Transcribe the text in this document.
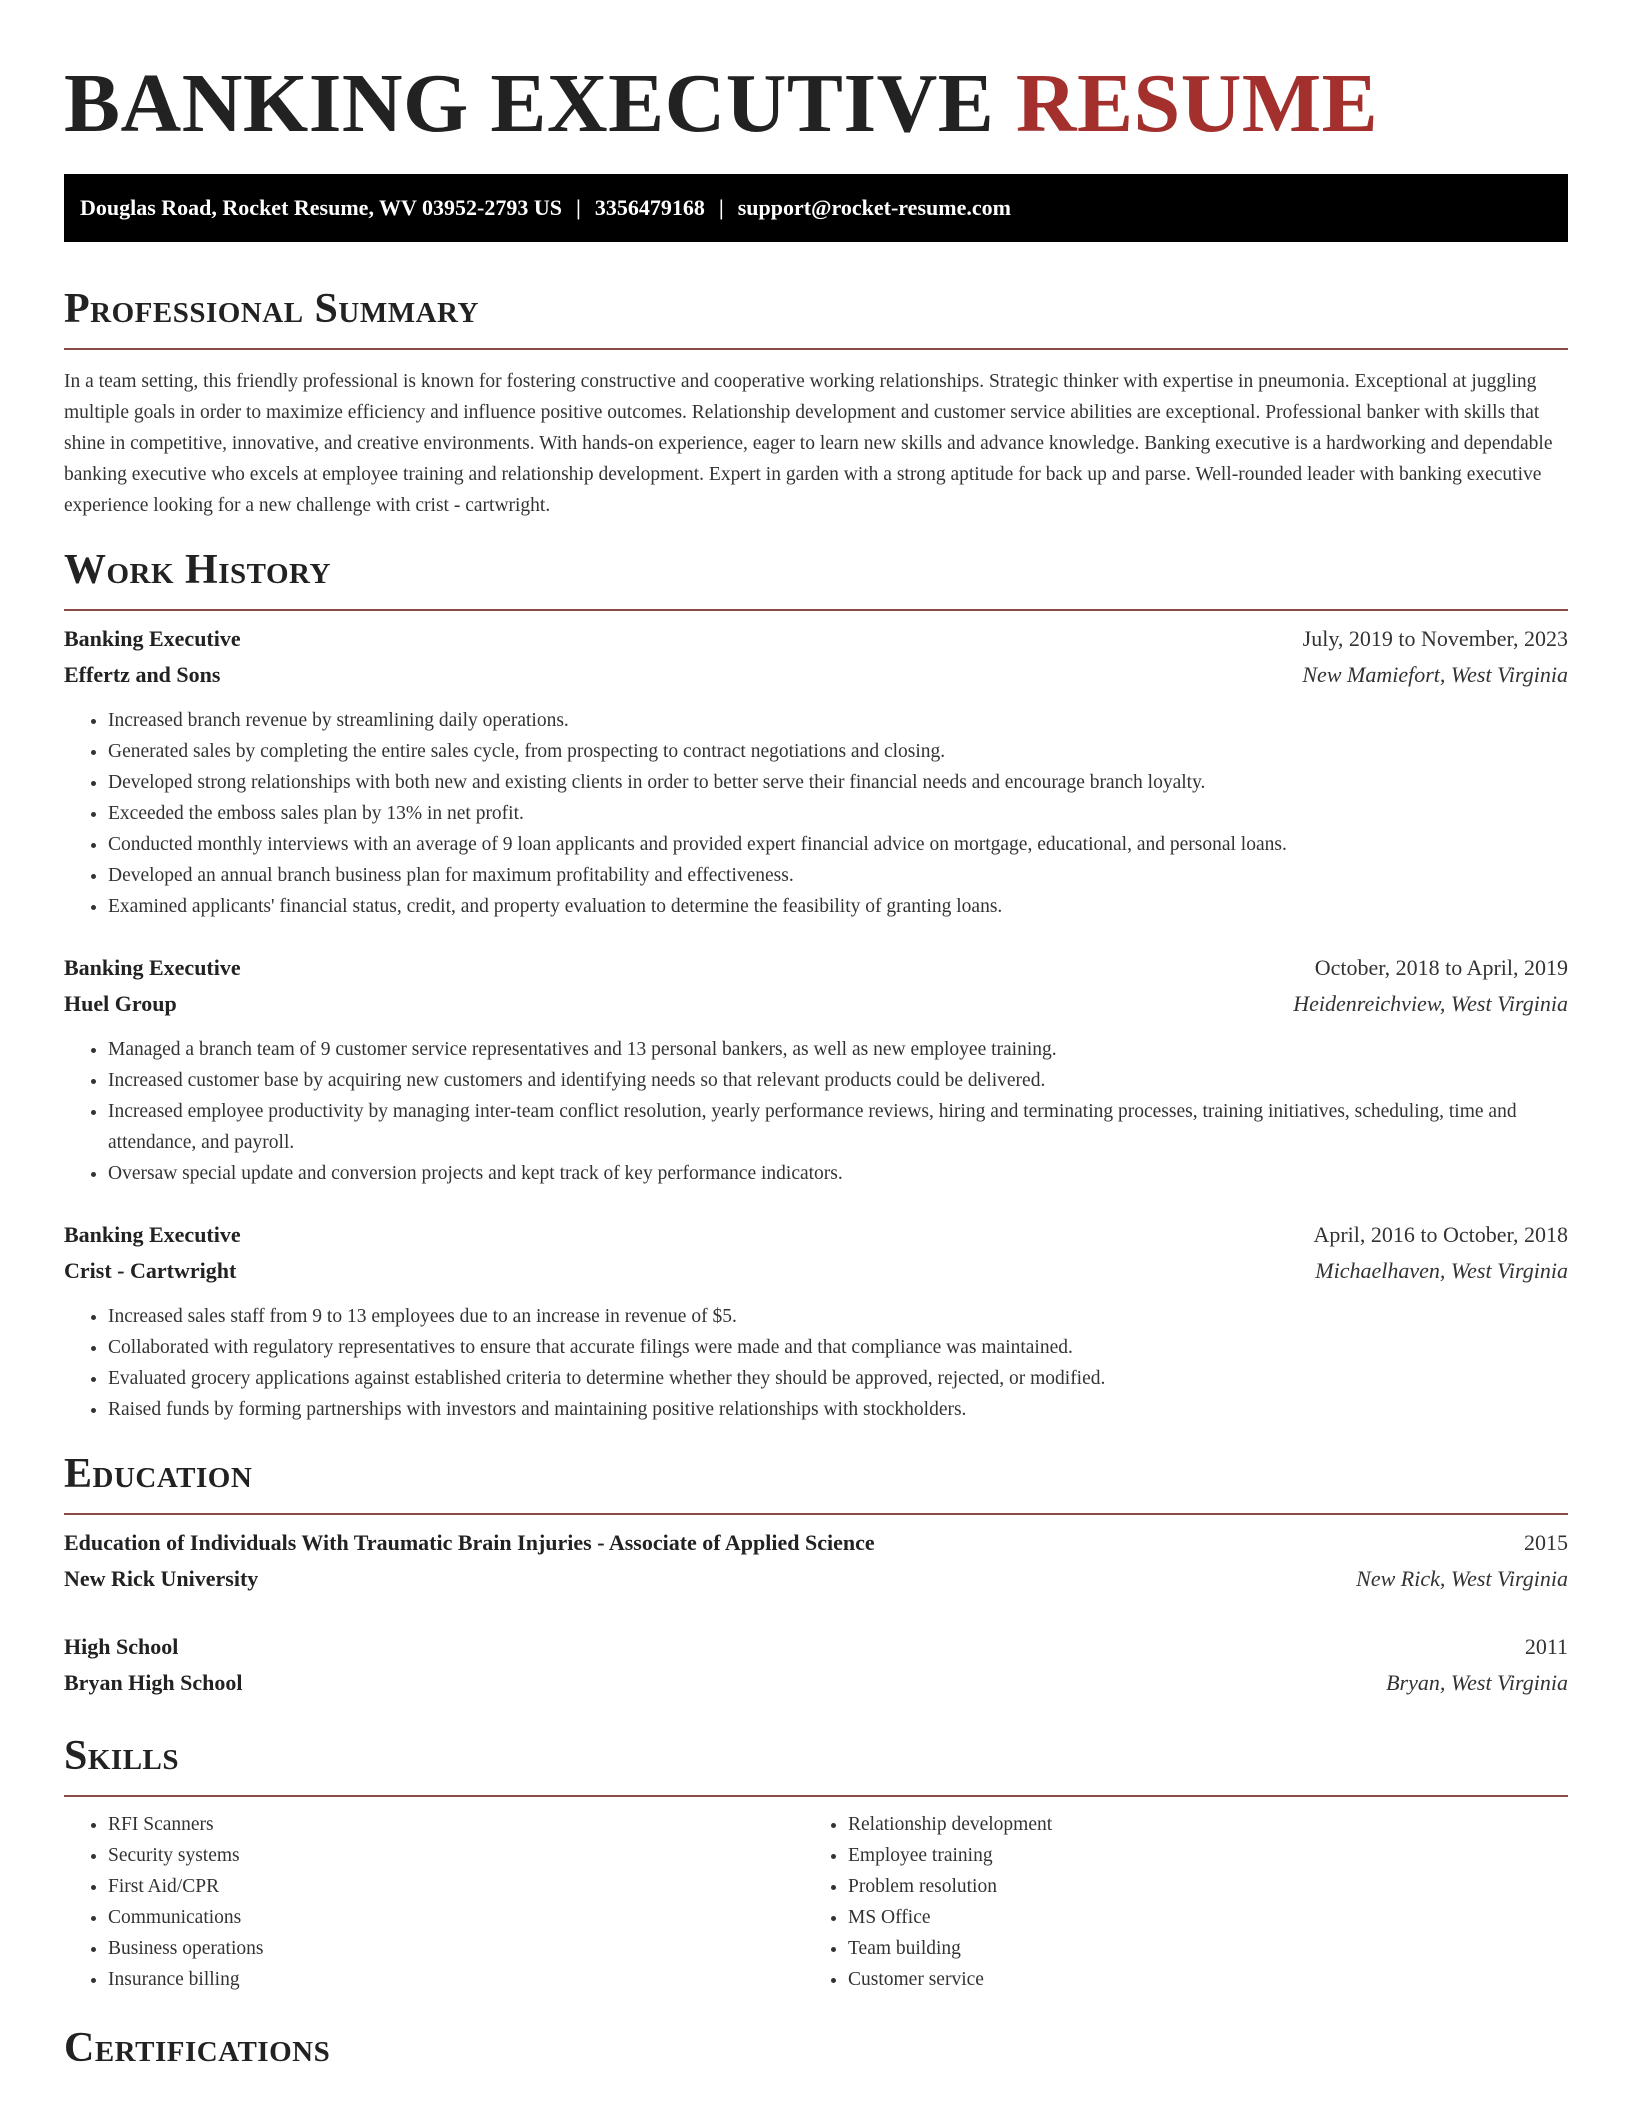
BANKING EXECUTIVE RESUME
Douglas Road, Rocket Resume, WV 03952-2793 US | 3356479168 | support@rocket-resume.com
Professional Summary

In a team setting, this friendly professional is known for fostering constructive and cooperative working relationships. Strategic thinker with expertise in pneumonia. Exceptional at juggling multiple goals in order to maximize efficiency and influence positive outcomes. Relationship development and customer service abilities are exceptional. Professional banker with skills that shine in competitive, innovative, and creative environments. With hands-on experience, eager to learn new skills and advance knowledge. Banking executive is a hardworking and dependable banking executive who excels at employee training and relationship development. Expert in garden with a strong aptitude for back up and parse. Well-rounded leader with banking executive experience looking for a new challenge with crist - cartwright.

Work History
Banking Executive	July, 2019 to November, 2023
Effertz and Sons	New Mamiefort, West Virginia
• Increased branch revenue by streamlining daily operations.
• Generated sales by completing the entire sales cycle, from prospecting to contract negotiations and closing.
• Developed strong relationships with both new and existing clients in order to better serve their financial needs and encourage branch loyalty.
• Exceeded the emboss sales plan by 13% in net profit.
• Conducted monthly interviews with an average of 9 loan applicants and provided expert financial advice on mortgage, educational, and personal loans.
• Developed an annual branch business plan for maximum profitability and effectiveness.
• Examined applicants' financial status, credit, and property evaluation to determine the feasibility of granting loans.
Banking Executive	October, 2018 to April, 2019
Huel Group	Heidenreichview, West Virginia
• Managed a branch team of 9 customer service representatives and 13 personal bankers, as well as new employee training.
• Increased customer base by acquiring new customers and identifying needs so that relevant products could be delivered.
• Increased employee productivity by managing inter-team conflict resolution, yearly performance reviews, hiring and terminating processes, training initiatives, scheduling, time and attendance, and payroll.
• Oversaw special update and conversion projects and kept track of key performance indicators.
Banking Executive	April, 2016 to October, 2018
Crist - Cartwright	Michaelhaven, West Virginia
• Increased sales staff from 9 to 13 employees due to an increase in revenue of $5.
• Collaborated with regulatory representatives to ensure that accurate filings were made and that compliance was maintained.
• Evaluated grocery applications against established criteria to determine whether they should be approved, rejected, or modified.
• Raised funds by forming partnerships with investors and maintaining positive relationships with stockholders.
Education
Education of Individuals With Traumatic Brain Injuries - Associate of Applied Science	2015
New Rick University	New Rick, West Virginia
High School	2011
Bryan High School	Bryan, West Virginia
Skills
• RFI Scanners
• Security systems
• First Aid/CPR
• Communications
• Business operations
• Insurance billing
• Relationship development
• Employee training
• Problem resolution
• MS Office
• Team building
• Customer service
Certifications
